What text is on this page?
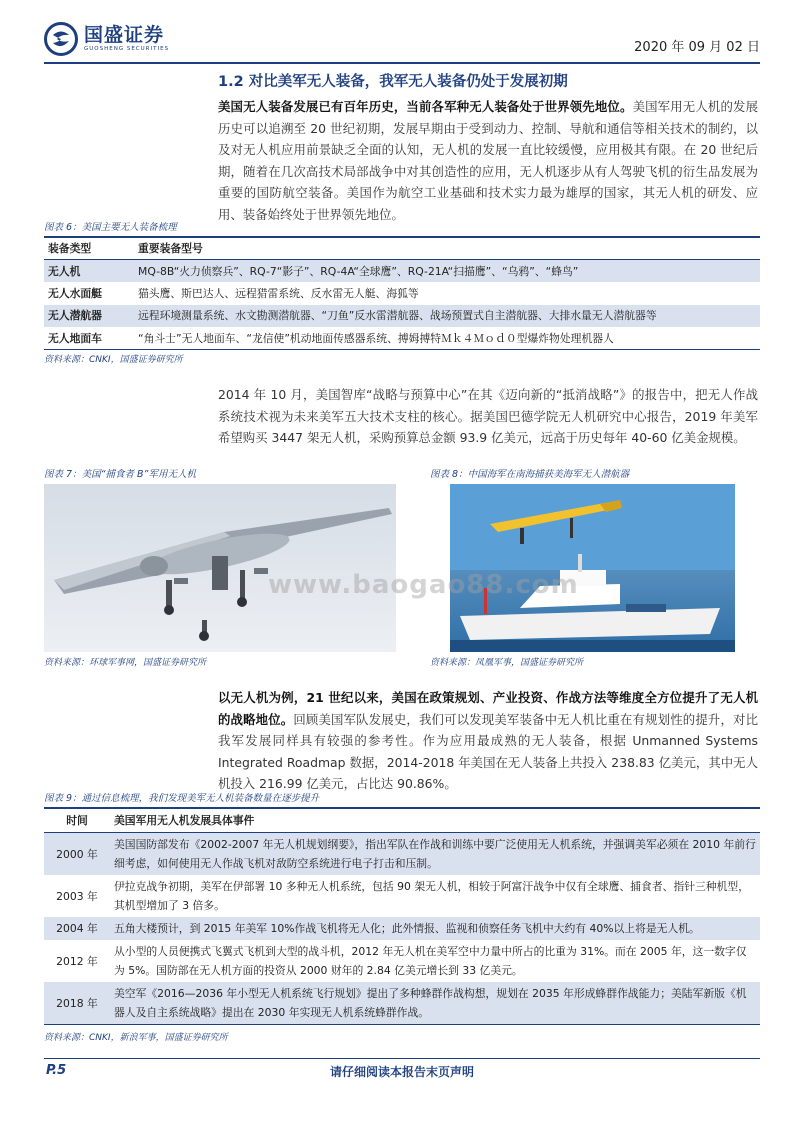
国盛证券
GUOSHENG SECURITIES	2020 年 09 月 02 日
1.2 对比美军无人装备，我军无人装备仍处于发展初期
美国无人装备发展已有百年历史，当前各军种无人装备处于世界领先地位。美国军用无人机的发展历史可以追溯至 20 世纪初期，发展早期由于受到动力、控制、导航和通信等相关技术的制约，以及对无人机应用前景缺乏全面的认知，无人机的发展一直比较缓慢，应用极其有限。在 20 世纪后期，随着在几次高技术局部战争中对其创造性的应用，无人机逐步从有人驾驶飞机的衍生品发展为重要的国防航空装备。美国作为航空工业基础和技术实力最为雄厚的国家，其无人机的研发、应用、装备始终处于世界领先地位。
图表 6：美国主要无人装备梳理
装备类型	重要装备型号
无人机	MQ-8B“火力侦察兵”、RQ-7“影子”、RQ-4A“全球鹰”、RQ-21A“扫描鹰”、“乌鸦”、“蜂鸟”
无人水面艇	猫头鹰、斯巴达人、远程猎雷系统、反水雷无人艇、海狐等
无人潜航器	远程环境测量系统、水文勘测潜航器、“刀鱼”反水雷潜航器、战场预置式自主潜航器、大排水量无人潜航器等
无人地面车	“角斗士”无人地面车、“龙信使”机动地面传感器系统、搏姆搏特Ｍｋ４Ｍｏｄ０型爆炸物处理机器人
资料来源：CNKI，国盛证券研究所
2014 年 10 月，美国智库“战略与预算中心”在其《迈向新的“抵消战略”》的报告中，把无人作战系统技术视为未来美军五大技术支柱的核心。据美国巴德学院无人机研究中心报告，2019 年美军希望购买 3447 架无人机，采购预算总金额 93.9 亿美元，远高于历史每年 40-60 亿美金规模。
图表 7：美国“捕食者 B”军用无人机
资料来源：环球军事网，国盛证券研究所
图表 8：中国海军在南海捕获美海军无人潜航器
资料来源：凤凰军事，国盛证券研究所
www.baogao88.com
以无人机为例，21 世纪以来，美国在政策规划、产业投资、作战方法等维度全方位提升了无人机的战略地位。回顾美国军队发展史，我们可以发现美军装备中无人机比重在有规划性的提升，对比我军发展同样具有较强的参考性。作为应用最成熟的无人装备，根据 Unmanned Systems Integrated Roadmap 数据，2014-2018 年美国在无人装备上共投入 238.83 亿美元，其中无人机投入 216.99 亿美元，占比达 90.86%。
图表 9：通过信息梳理，我们发现美军无人机装备数量在逐步提升
时间	美国军用无人机发展具体事件
2000 年	美国国防部发布《2002-2007 年无人机规划纲要》，指出军队在作战和训练中要广泛使用无人机系统，并强调美军必须在 2010 年前行细考虑，如何使用无人作战飞机对敌防空系统进行电子打击和压制。
2003 年	伊拉克战争初期，美军在伊部署 10 多种无人机系统，包括 90 架无人机，相较于阿富汗战争中仅有全球鹰、捕食者、指针三种机型，其机型增加了 3 倍多。
2004 年	五角大楼预计，到 2015 年美军 10%作战飞机将无人化；此外情报、监视和侦察任务飞机中大约有 40%以上将是无人机。
2012 年	从小型的人员便携式飞翼式飞机到大型的战斗机，2012 年无人机在美军空中力量中所占的比重为 31%。而在 2005 年，这一数字仅为 5%。国防部在无人机方面的投资从 2000 财年的 2.84 亿美元增长到 33 亿美元。
2018 年	美空军《2016—2036 年小型无人机系统飞行规划》提出了多种蜂群作战构想，规划在 2035 年形成蜂群作战能力；美陆军新版《机器人及自主系统战略》提出在 2030 年实现无人机系统蜂群作战。
资料来源：CNKI，新浪军事，国盛证券研究所
请仔细阅读本报告末页声明
P.5
